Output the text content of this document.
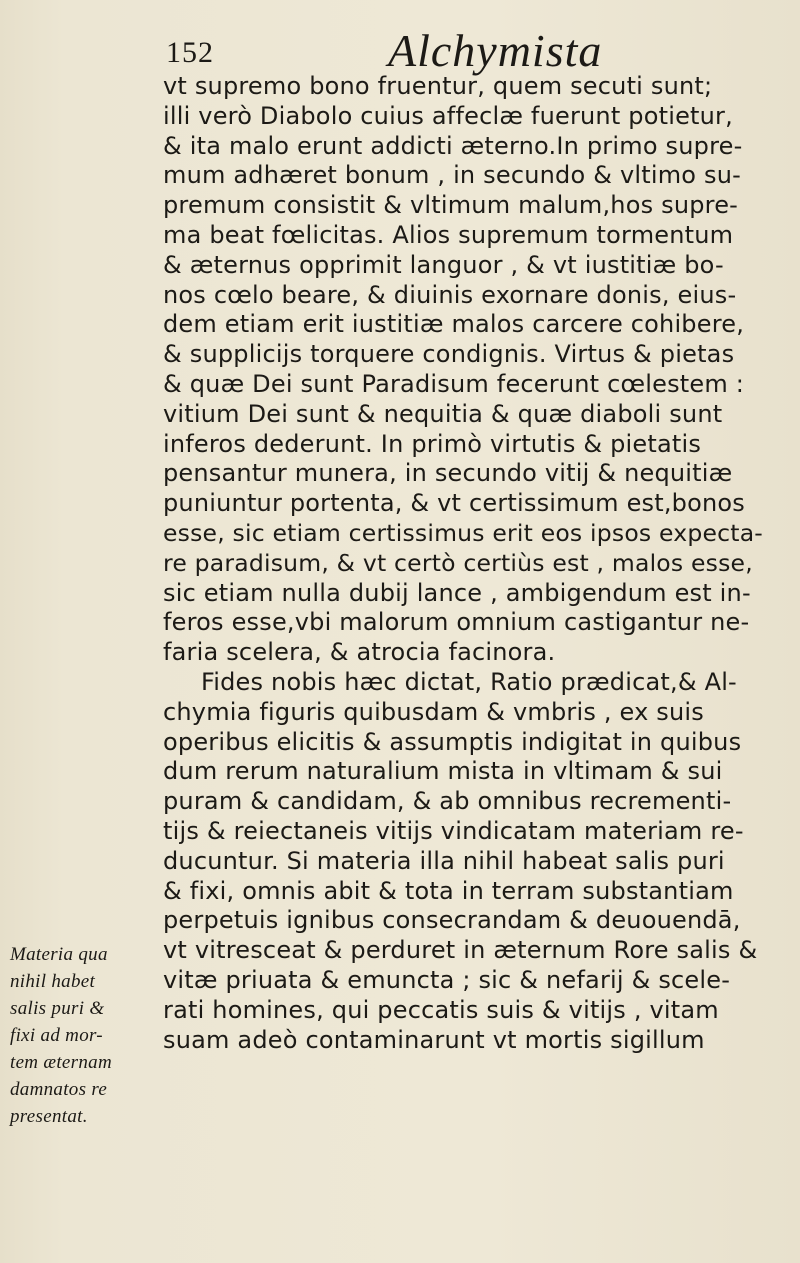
152	Alchymista
vt supremo bono fruentur, quem secuti sunt;
illi verò Diabolo cuius affeclæ fuerunt potietur,
& ita malo erunt addicti æterno.In primo supre-
mum adhæret bonum , in secundo & vltimo su-
premum consistit & vltimum malum,hos supre-
ma beat fœlicitas. Alios supremum tormentum
& æternus opprimit languor , & vt iustitiæ bo-
nos cœlo beare, & diuinis exornare donis, eius-
dem etiam erit iustitiæ malos carcere cohibere,
& supplicijs torquere condignis. Virtus & pietas
& quæ Dei sunt Paradisum fecerunt cœlestem :
vitium Dei sunt & nequitia & quæ diaboli sunt
inferos dederunt. In primò virtutis & pietatis
pensantur munera, in secundo vitij & nequitiæ
puniuntur portenta, & vt certissimum est,bonos
esse, sic etiam certissimus erit eos ipsos expecta-
re paradisum, & vt certò certiùs est , malos esse,
sic etiam nulla dubij lance , ambigendum est in-
feros esse,vbi malorum omnium castigantur ne-
faria scelera, & atrocia facinora.
Fides nobis hæc dictat, Ratio prædicat,& Al-
chymia figuris quibusdam & vmbris , ex suis
operibus elicitis & assumptis indigitat in quibus
dum rerum naturalium mista in vltimam & sui
puram & candidam, & ab omnibus recrementi-
tijs & reiectaneis vitijs vindicatam materiam re-
ducuntur. Si materia illa nihil habeat salis puri
& fixi, omnis abit & tota in terram substantiam
perpetuis ignibus consecrandam & deuouendā,
vt vitresceat & perduret in æternum Rore salis &
vitæ priuata & emuncta ; sic & nefarij & scele-
rati homines, qui peccatis suis & vitijs , vitam
suam adeò contaminarunt vt mortis sigillum
Materia qua
nihil habet
salis puri &
fixi ad mor-
tem æternam
damnatos re
presentat.
